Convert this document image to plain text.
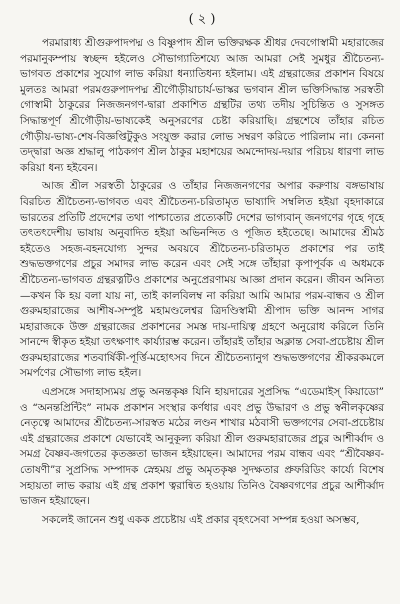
( ২ )

পরমারাধ্য শ্রীগুরুপাদপদ্ম ও বিষ্ণুপাদ শ্রীল ভক্তিরক্ষক শ্রীধর দেবগোস্বামী মহারাজের পরমানুকম্পায় স্বচ্ছন্দ হইলেও সৌভাগ্যাতিশয্যে আজ আমরা সেই সুমধুর শ্রীচৈতন্য-ভাগবত প্রকাশের সুযোগ লাভ করিয়া ধন্যাতিধন্য হইলাম। এই গ্রন্থরাজের প্রকাশন বিষয়ে মুলতঃ আমরা পরমগুরুপাদপদ্ম শ্রীগৌড়ীয়াচার্য-ভাস্কর ভগবান শ্রীল ভক্তিসিদ্ধান্ত সরস্বতী গোস্বামী ঠাকুরের নিজজনগণ-দ্বারা প্রকাশিত গ্রন্থটির তথ্য তদীয় সুচিন্তিত ও সুসঙ্গত সিদ্ধান্তপূর্ণ শ্রীগৌড়ীয়-ভাষ্যকেই অনুসরণের চেষ্টা করিয়াছি। গ্রন্থশেষে তাঁহার রচিত গৌড়ীয়-ভাষ্য-শেষ-বিজ্ঞপ্তিটুকুও সংযুক্ত করার লোভ সম্বরণ করিতে পারিলাম না। কেননা তদ্দ্বারা অজ্ঞ শ্রদ্ধালু পাঠকগণ শ্রীল ঠাকুর মহাশয়ের অমন্দোদয়-দয়ার পরিচয় ধারণা লাভ করিয়া ধন্য হইবেন।

আজ শ্রীল সরস্বতী ঠাকুরের ও তাঁহার নিজজনগণের অপার করুণায় বঙ্গভাষায় বিরচিত শ্রীচৈতন্য-ভাগবত এবং শ্রীচৈতন্য-চরিতামৃত ভাষ্যাদি সম্বলিত হইয়া বৃহদাকারে ভারতের প্রতিটি প্রদেশের তথা পাশ্চাত্যের প্রত্যেকটি দেশের ভাগ্যবান্ জনগণের গৃহে গৃহে তৎতৎদেশীয় ভাষায় অনুবাদিত হইয়া অভিনন্দিত ও পূজিত হইতেছে। আমাদের শ্রীমঠ হইতেও সহজ-বহনযোগ্য সুন্দর অবয়বে শ্রীচৈতন্য-চরিতামৃত প্রকাশের পর তাই শুদ্ধভক্তগণের প্রচুর সমাদর লাভ করেন এবং সেই সঙ্গে তাঁহারা কৃপাপূর্বক এ অধমকে শ্রীচৈতন্য-ভাগবত গ্রন্থরত্নটিও প্রকাশের অনুপ্রেরণাময় আজ্ঞা প্রদান করেন। জীবন অনিত্য—কখন কি হয় বলা যায় না, তাই কালবিলম্ব না করিয়া আমি আমার পরম-বান্ধব ও শ্রীল গুরুমহারাজের আশীষ-সম্পুষ্ট মহামণ্ডলেশ্বর ত্রিদণ্ডিস্বামী শ্রীপাদ ভক্তি আনন্দ সাগর মহারাজকে উক্ত গ্রন্থরাজের প্রকাশনের সমস্ত দায়-দায়িত্ব গ্রহণে অনুরোধ করিলে তিনি সানন্দে স্বীকৃত হইয়া তৎক্ষণাৎ কার্য্যারম্ভ করেন। তাঁহারই তাঁহার অক্লান্ত সেবা-প্রচেষ্টায় শ্রীল গুরুমহারাজের শতবার্ষিকী-পূর্ত্তি-মহোৎসব দিনে শ্রীচৈতন্যানুগ শুদ্ধভক্তগণের শ্রীকরকমলে সমর্পণের সৌভাগ্য লাভ হইল।

এপ্রসঙ্গে সদাহাস্যময় প্রভু অনন্তকৃষ্ণ যিনি হায়দারের সুপ্রসিদ্ধ “এডেমাইস্ কিয়াডো” ও “অনন্তপ্রিন্টিং” নামক প্রকাশন সংস্থার কর্ণধার এবং প্রভু উদ্ধারণ ও প্রভু স্বনীলকৃষ্ণের নেতৃত্বে আমাদের শ্রীচৈতন্য-সারস্বত মঠের লণ্ডন শাখার মঠবাসী ভক্তগণের সেবা-প্রচেষ্টায় এই গ্রন্থরাজের প্রকাশে যেভাবেই আনুকূল্য করিয়া শ্রীল গুরুমহারাজের প্রচুর আশীর্ব্বাদ ও সমগ্র বৈষ্ণব-জগতের কৃতজ্ঞতা ভাজন হইয়াছেন। আমাদের পরম বান্ধব এবং “শ্রীবৈষ্ণব-তোষণী”র সুপ্রসিদ্ধ সম্পাদক স্নেহময় প্রভু অমৃতকৃষ্ণ সুদক্ষতার প্রুফরিডিং কার্য্যে বিশেষ সহায়তা লাভ করায় এই গ্রন্থ প্রকাশ ত্বরান্বিত হওয়ায় তিনিও বৈষ্ণবগণের প্রচুর আশীর্ব্বাদ ভাজন হইয়াছেন।

সকলেই জানেন শুধু একক প্রচেষ্টায় এই প্রকার বৃহৎসেবা সম্পন্ন হওয়া অসম্ভব,
